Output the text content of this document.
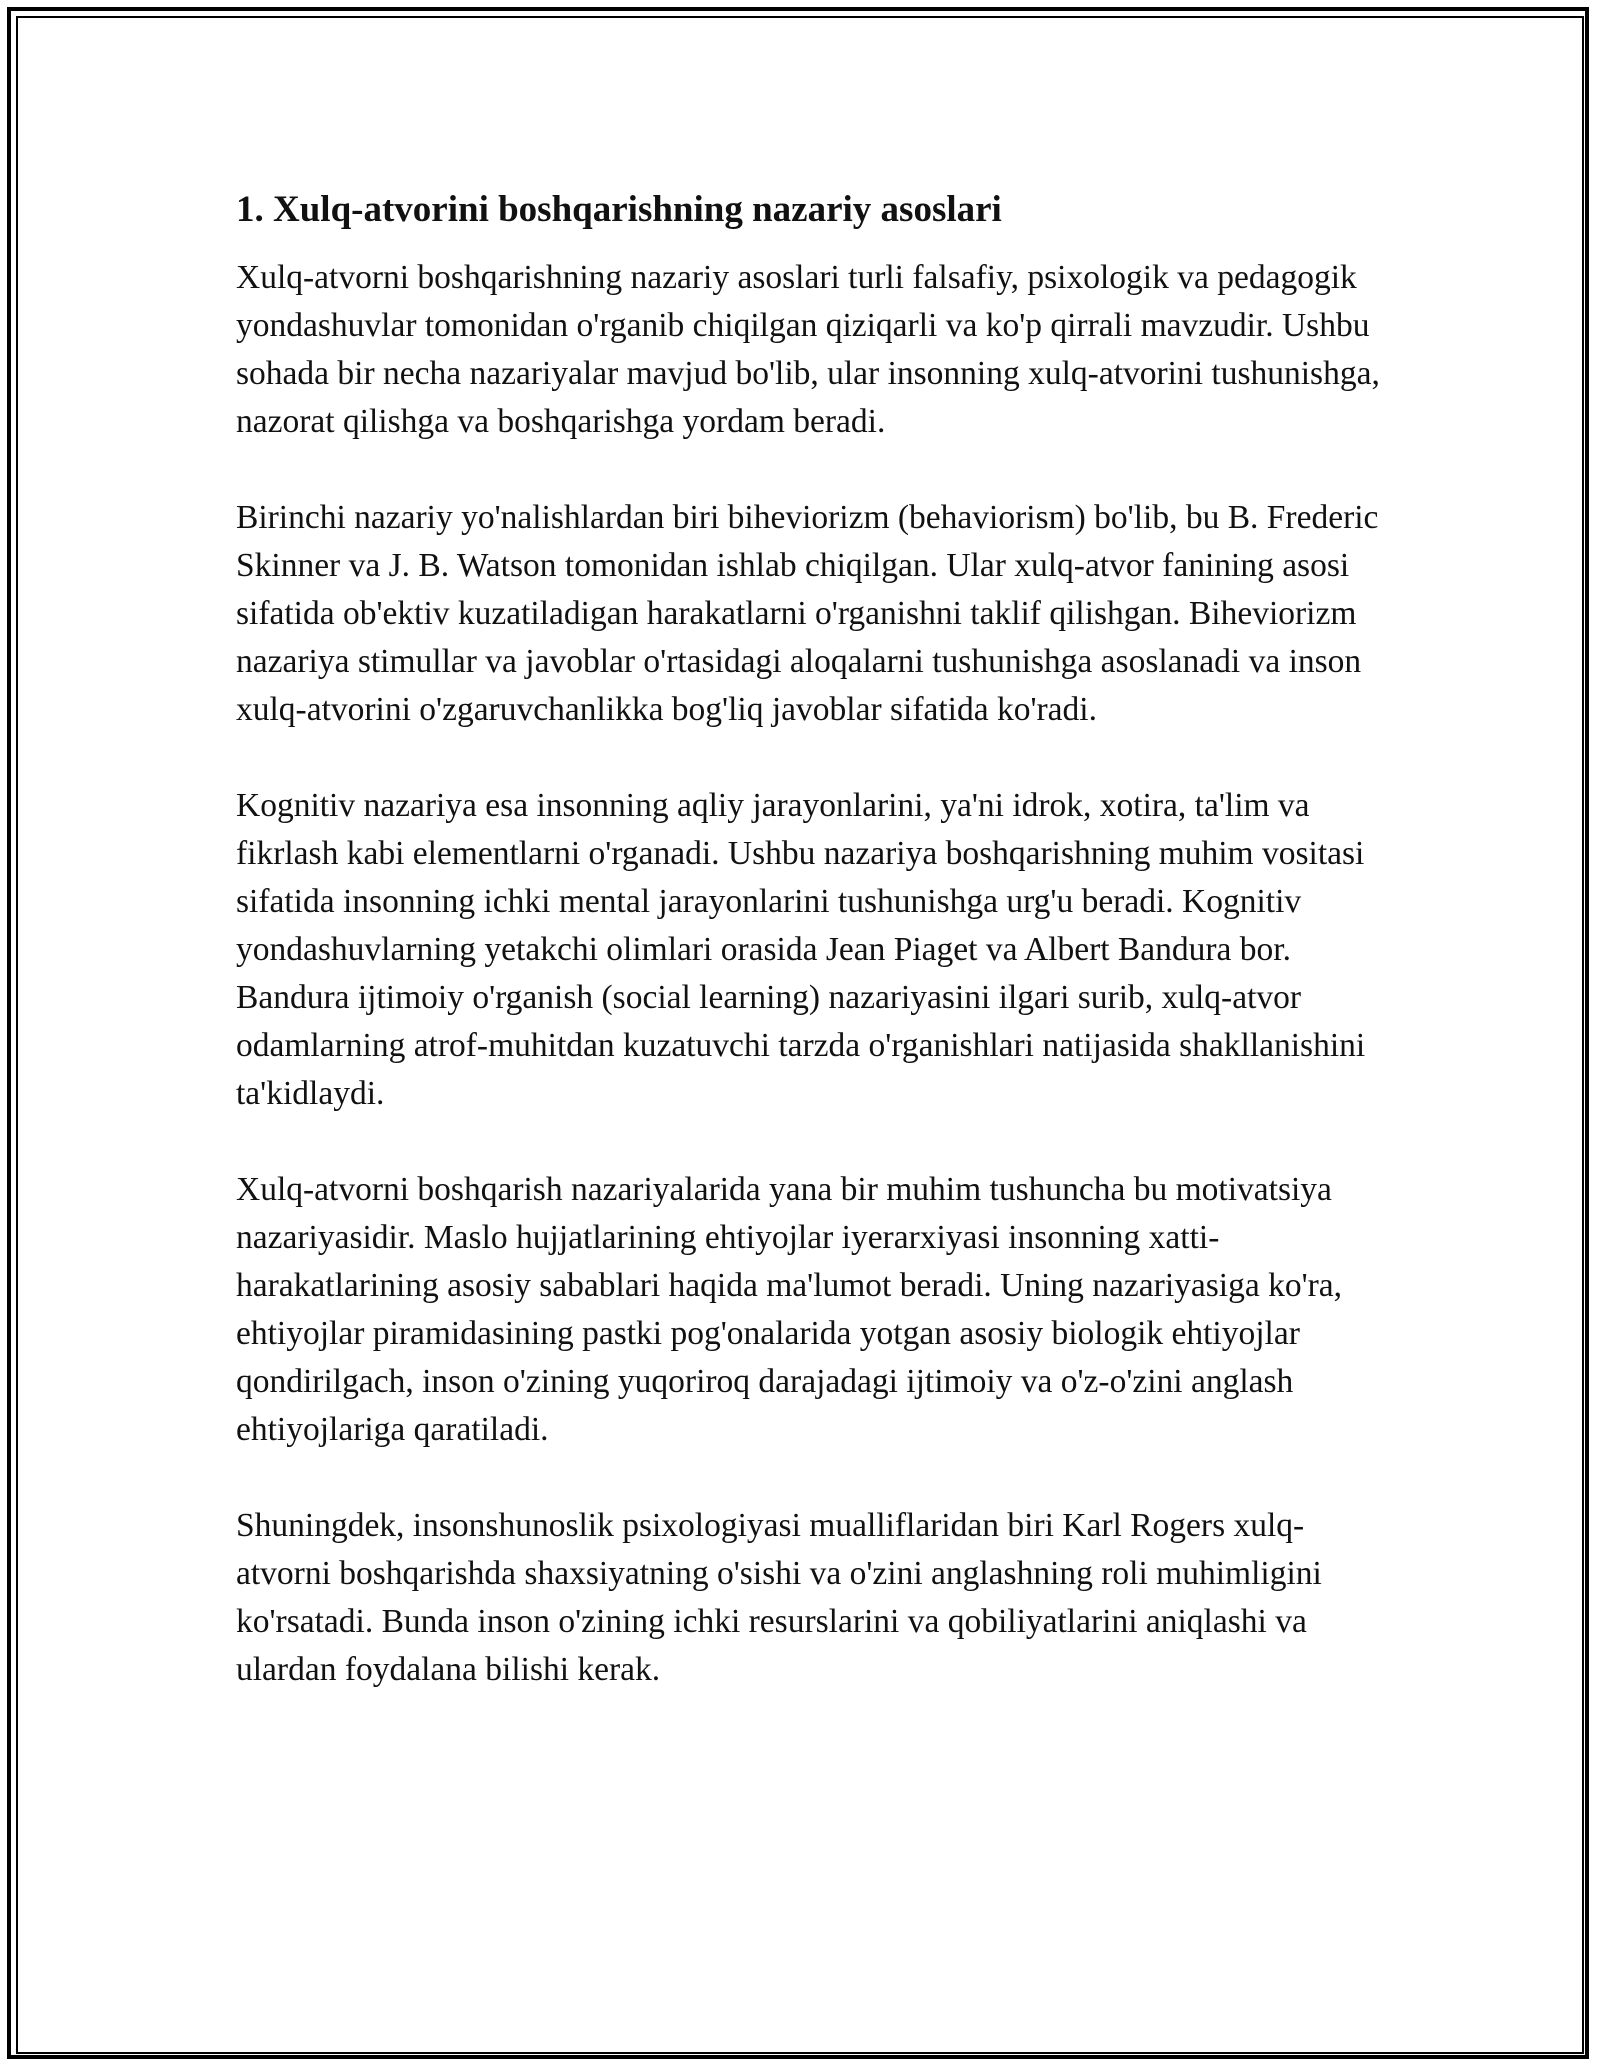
1. Xulq-atvorini boshqarishning nazariy asoslari

Xulq-atvorni boshqarishning nazariy asoslari turli falsafiy, psixologik va pedagogik yondashuvlar tomonidan o'rganib chiqilgan qiziqarli va ko'p qirrali mavzudir. Ushbu sohada bir necha nazariyalar mavjud bo'lib, ular insonning xulq-atvorini tushunishga, nazorat qilishga va boshqarishga yordam beradi.

Birinchi nazariy yo'nalishlardan biri biheviorizm (behaviorism) bo'lib, bu B. Frederic Skinner va J. B. Watson tomonidan ishlab chiqilgan. Ular xulq-atvor fanining asosi sifatida ob'ektiv kuzatiladigan harakatlarni o'rganishni taklif qilishgan. Biheviorizm nazariya stimullar va javoblar o'rtasidagi aloqalarni tushunishga asoslanadi va inson xulq-atvorini o'zgaruvchanlikka bog'liq javoblar sifatida ko'radi.

Kognitiv nazariya esa insonning aqliy jarayonlarini, ya'ni idrok, xotira, ta'lim va fikrlash kabi elementlarni o'rganadi. Ushbu nazariya boshqarishning muhim vositasi sifatida insonning ichki mental jarayonlarini tushunishga urg'u beradi. Kognitiv yondashuvlarning yetakchi olimlari orasida Jean Piaget va Albert Bandura bor. Bandura ijtimoiy o'rganish (social learning) nazariyasini ilgari surib, xulq-atvor odamlarning atrof-muhitdan kuzatuvchi tarzda o'rganishlari natijasida shakllanishini ta'kidlaydi.

Xulq-atvorni boshqarish nazariyalarida yana bir muhim tushuncha bu motivatsiya nazariyasidir. Maslo hujjatlarining ehtiyojlar iyerarxiyasi insonning xatti-harakatlarining asosiy sabablari haqida ma'lumot beradi. Uning nazariyasiga ko'ra, ehtiyojlar piramidasining pastki pog'onalarida yotgan asosiy biologik ehtiyojlar qondirilgach, inson o'zining yuqoriroq darajadagi ijtimoiy va o'z-o'zini anglash ehtiyojlariga qaratiladi.

Shuningdek, insonshunoslik psixologiyasi mualliflaridan biri Karl Rogers xulq-atvorni boshqarishda shaxsiyatning o'sishi va o'zini anglashning roli muhimligini ko'rsatadi. Bunda inson o'zining ichki resurslarini va qobiliyatlarini aniqlashi va ulardan foydalana bilishi kerak.
